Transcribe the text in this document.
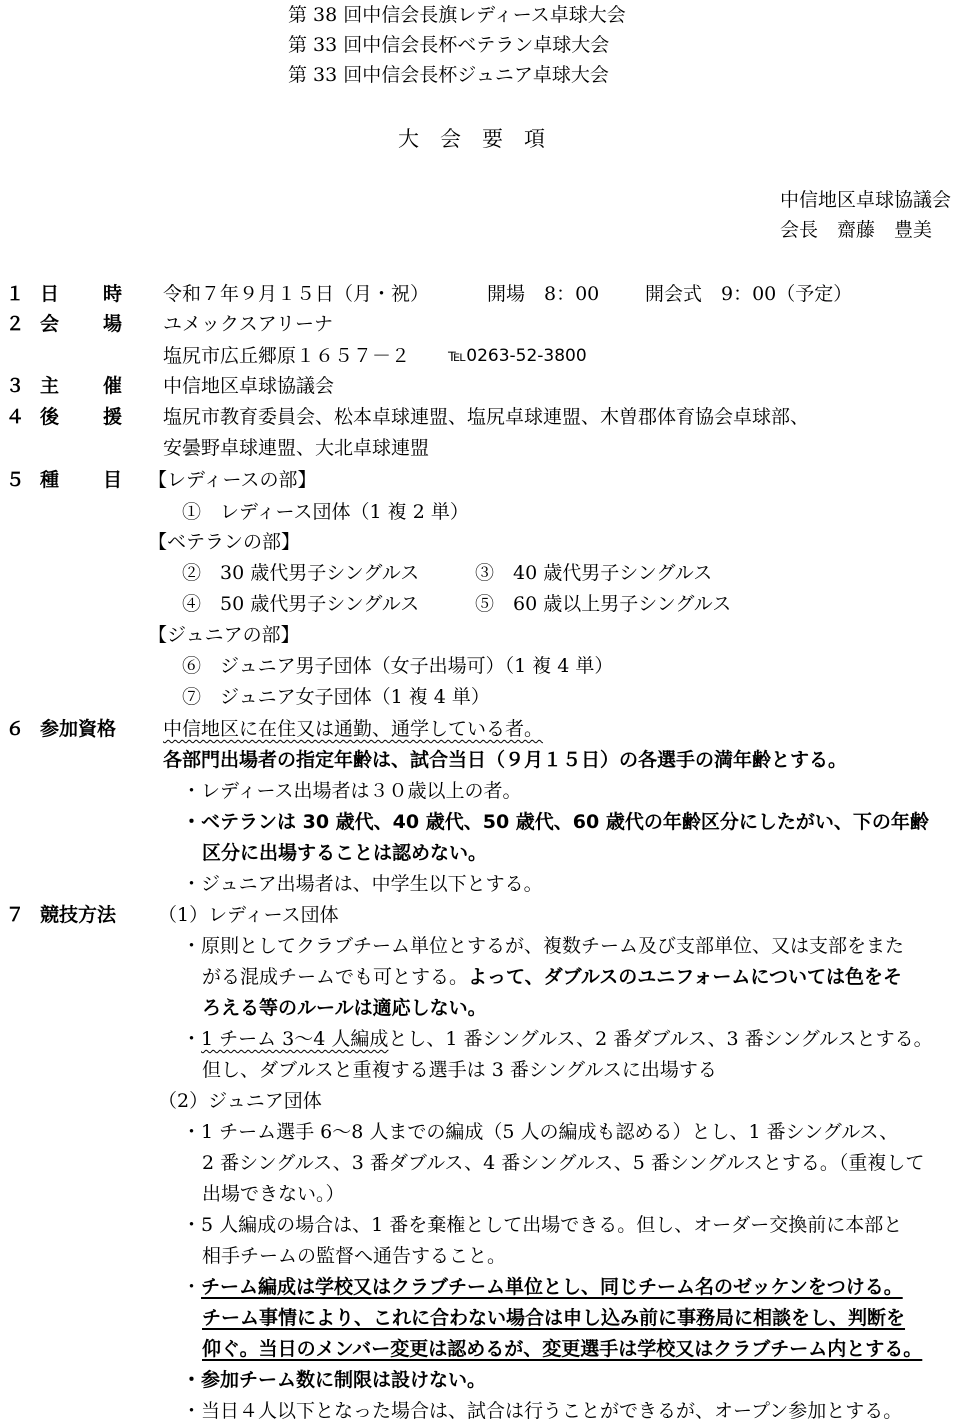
第 38 回中信会長旗レディース卓球大会
第 33 回中信会長杯ベテラン卓球大会
第 33 回中信会長杯ジュニア卓球大会
大　会　要　項
中信地区卓球協議会
会長　齋藤　豊美
１ 日 時 令和７年９月１５日（月・祝）	開場　8：00 開会式　9：00（予定）
２ 会 場 ユメックスアリーナ
塩尻市広丘郷原１６５７－２ ℡0263-52-3800
３ 主 催 中信地区卓球協議会
４ 後 援 塩尻市教育委員会、松本卓球連盟、塩尻卓球連盟、木曽郡体育協会卓球部、
安曇野卓球連盟、大北卓球連盟
５ 種 目 【レディースの部】
①　レディース団体（1 複 2 単）
【ベテランの部】
②　30 歳代男子シングルス	③　40 歳代男子シングルス
④　50 歳代男子シングルス	⑤　60 歳以上男子シングルス
【ジュニアの部】
⑥　ジュニア男子団体（女子出場可）（1 複 4 単）
⑦　ジュニア女子団体（1 複 4 単）
６ 参加資格 中信地区に在住又は通勤、通学している者。
各部門出場者の指定年齢は、試合当日（９月１５日）の各選手の満年齢とする。
・レディース出場者は３０歳以上の者。
・ベテランは 30 歳代、40 歳代、50 歳代、60 歳代の年齢区分にしたがい、下の年齢
区分に出場することは認めない。
・ジュニア出場者は、中学生以下とする。
７ 競技方法 （1）レディース団体
・原則としてクラブチーム単位とするが、複数チーム及び支部単位、又は支部をまた
がる混成チームでも可とする。よって、ダブルスのユニフォームについては色をそ
ろえる等のルールは適応しない。
・1 チーム 3～4 人編成とし、1 番シングルス、2 番ダブルス、3 番シングルスとする。
但し、ダブルスと重複する選手は 3 番シングルスに出場する
（2）ジュニア団体
・1 チーム選手 6～8 人までの編成（5 人の編成も認める）とし、1 番シングルス、
2 番シングルス、3 番ダブルス、4 番シングルス、5 番シングルスとする。（重複して
出場できない。）
・5 人編成の場合は、1 番を棄権として出場できる。但し、オーダー交換前に本部と
相手チームの監督へ通告すること。
・チーム編成は学校又はクラブチーム単位とし、同じチーム名のゼッケンをつける。
チーム事情により、これに合わない場合は申し込み前に事務局に相談をし、判断を
仰ぐ。当日のメンバー変更は認めるが、変更選手は学校又はクラブチーム内とする。
・参加チーム数に制限は設けない。
・当日４人以下となった場合は、試合は行うことができるが、オープン参加とする。
